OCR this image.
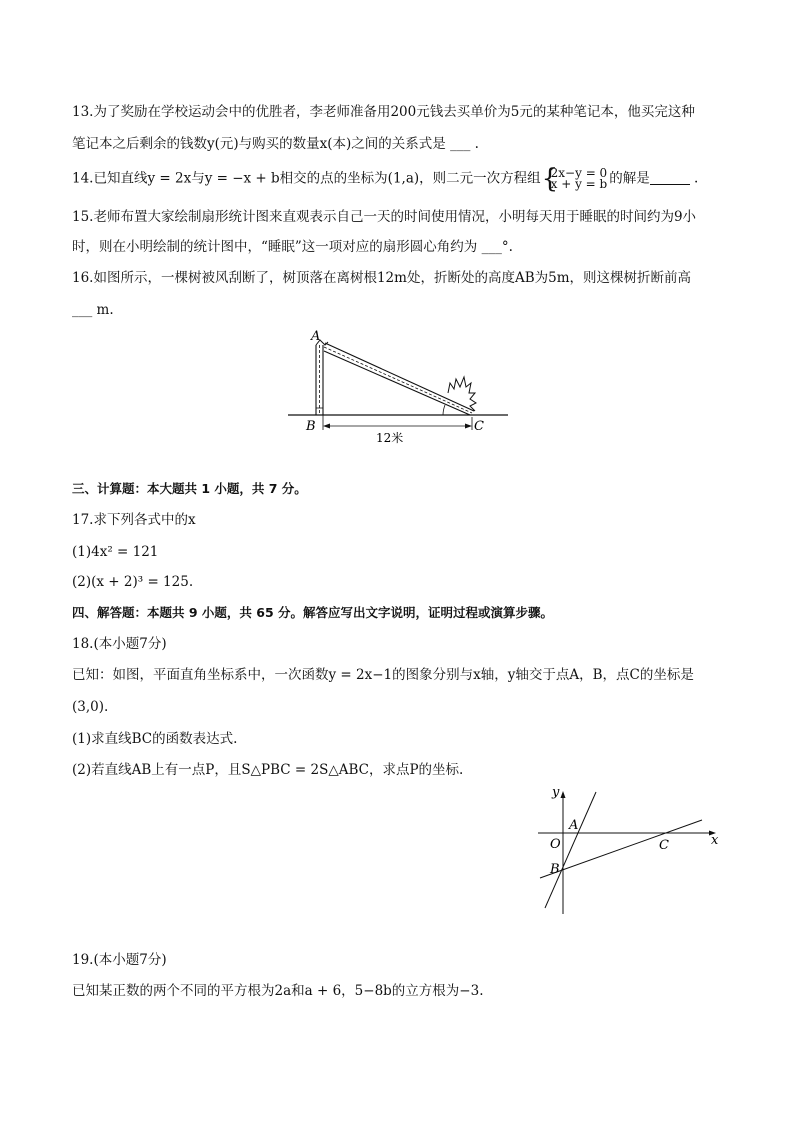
13.为了奖励在学校运动会中的优胜者，李老师准备用200元钱去买单价为5元的某种笔记本，他买完这种
笔记本之后剩余的钱数y(元)与购买的数量x(本)之间的关系式是 ___ .
14.已知直线y = 2x与y = −x + b相交的点的坐标为(1,a)，则二元一次方程组 {
2x−y = 0
x + y = b 的解是	.
15.老师布置大家绘制扇形统计图来直观表示自己一天的时间使用情况，小明每天用于睡眠的时间约为9小
时，则在小明绘制的统计图中，“睡眠”这一项对应的扇形圆心角约为 ___°.
16.如图所示，一棵树被风刮断了，树顶落在离树根12m处，折断处的高度AB为5m，则这棵树折断前高
___ m.
A
B	C
12米
三、计算题：本大题共 1 小题，共 7 分。
17.求下列各式中的x
(1)4x² = 121
(2)(x + 2)³ = 125.
四、解答题：本题共 9 小题，共 65 分。解答应写出文字说明，证明过程或演算步骤。
18.(本小题7分)
已知：如图，平面直角坐标系中，一次函数y = 2x−1的图象分别与x轴，y轴交于点A，B，点C的坐标是
(3,0).
(1)求直线BC的函数表达式.
(2)若直线AB上有一点P，且S△PBC = 2S△ABC，求点P的坐标.
y
x
O
A
B
C
19.(本小题7分)
已知某正数的两个不同的平方根为2a和a + 6，5−8b的立方根为−3.
